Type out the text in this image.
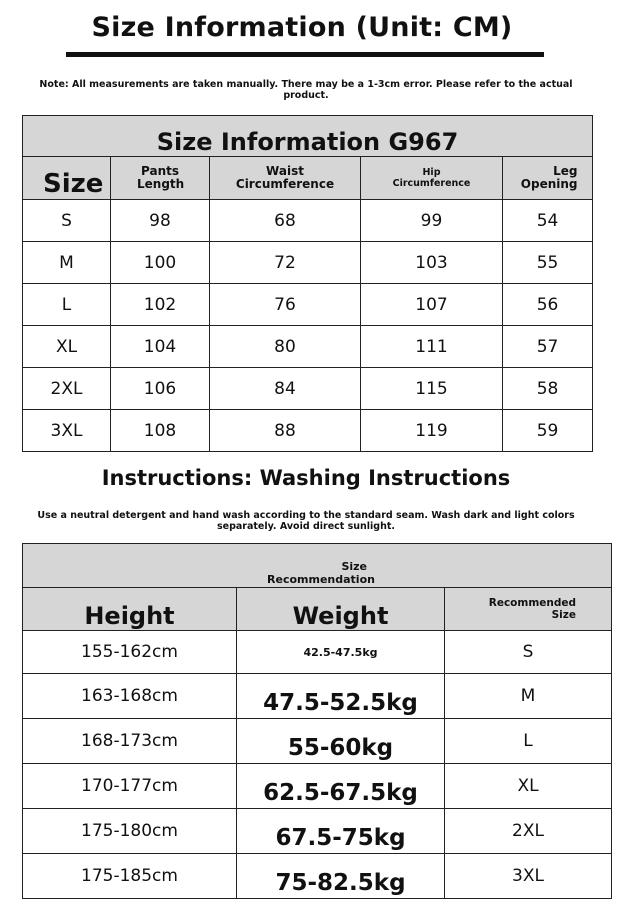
Size Information (Unit: CM)
Note: All measurements are taken manually. There may be a 1-3cm error. Please refer to the actual product.
Size Information G967				
Size	Pants Length	Waist Circumference	Hip Circumference	Leg Opening
S	98	68	99	54
M	100	72	103	55
L	102	76	107	56
XL	104	80	111	57
2XL	106	84	115	58
3XL	108	88	119	59
Instructions: Washing Instructions
Use a neutral detergent and hand wash according to the standard seam. Wash dark and light colors separately. Avoid direct sunlight.
Size Recommendation		
Height	Weight	Recommended Size
155-162cm	42.5-47.5kg	S
163-168cm	47.5-52.5kg	M
168-173cm	55-60kg	L
170-177cm	62.5-67.5kg	XL
175-180cm	67.5-75kg	2XL
175-185cm	75-82.5kg	3XL
